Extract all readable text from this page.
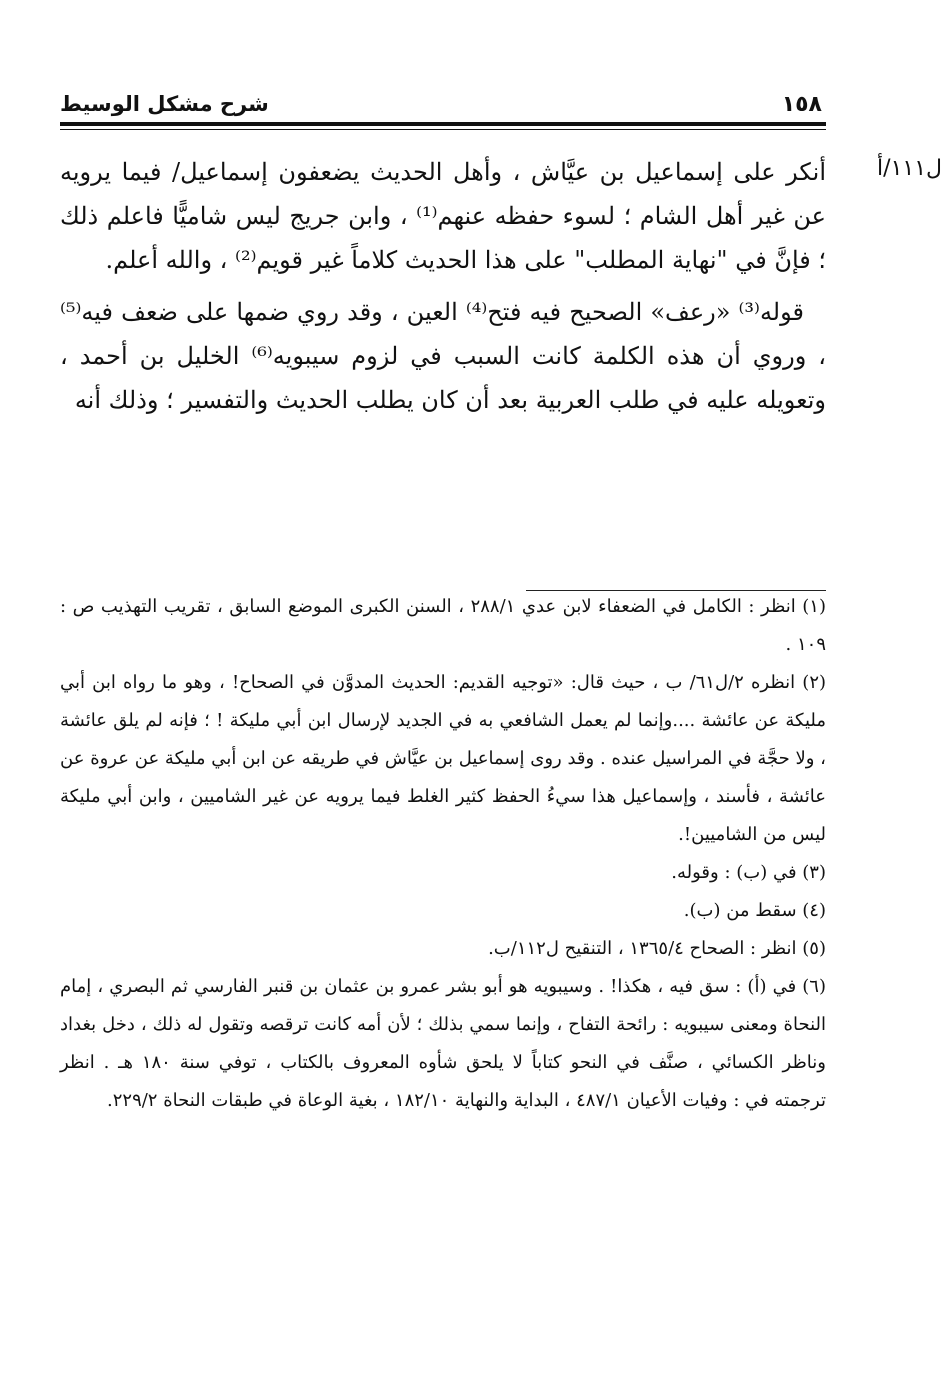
١٥٨
شرح مشكل الوسيط
ل١١١/أ

أنكر على إسماعيل بن عيَّاش ، وأهل الحديث يضعفون إسماعيل/ فيما يرويه عن غير أهل الشام ؛ لسوء حفظه عنهم⁽¹⁾ ، وابن جريج ليس شاميًّا فاعلم ذلك ؛ فإنَّ في "نهاية المطلب" على هذا الحديث كلاماً غير قويم⁽²⁾ ، والله أعلم.

قوله⁽³⁾ «رعف» الصحيح فيه فتح⁽⁴⁾ العين ، وقد روي ضمها على ضعف فيه⁽⁵⁾ ، وروي أن هذه الكلمة كانت السبب في لزوم سيبويه⁽⁶⁾ الخليل بن أحمد ، وتعويله عليه في طلب العربية بعد أن كان يطلب الحديث والتفسير ؛ وذلك أنه

(١) انظر : الكامل في الضعفاء لابن عدي ٢٨٨/١ ، السنن الكبرى الموضع السابق ، تقريب التهذيب ص : ١٠٩ .

(٢) انظره ٢/ل٦١/ ب ، حيث قال: «توجيه القديم: الحديث المدوَّن في الصحاح! ، وهو ما رواه ابن أبي مليكة عن عائشة ....وإنما لم يعمل الشافعي به في الجديد لإرسال ابن أبي مليكة ! ؛ فإنه لم يلق عائشة ، ولا حجَّة في المراسيل عنده . وقد روى إسماعيل بن عيَّاش في طريقه عن ابن أبي مليكة عن عروة عن عائشة ، فأسند ، وإسماعيل هذا سيءُ الحفظ كثير الغلط فيما يرويه عن غير الشاميين ، وابن أبي مليكة ليس من الشاميين!.

(٣) في (ب) : وقوله.

(٤) سقط من (ب).

(٥) انظر : الصحاح ١٣٦٥/٤ ، التنقيح ل١١٢/ب.

(٦) في (أ) : سق فيه ، هكذا! . وسيبويه هو أبو بشر عمرو بن عثمان بن قنبر الفارسي ثم البصري ، إمام النحاة ومعنى سيبويه : رائحة التفاح ، وإنما سمي بذلك ؛ لأن أمه كانت ترقصه وتقول له ذلك ، دخل بغداد وناظر الكسائي ، صنَّف في النحو كتاباً لا يلحق شأوه المعروف بالكتاب ، توفي سنة ١٨٠ هـ . انظر ترجمته في : وفيات الأعيان ٤٨٧/١ ، البداية والنهاية ١٨٢/١٠ ، بغية الوعاة في طبقات النحاة ٢٢٩/٢.
